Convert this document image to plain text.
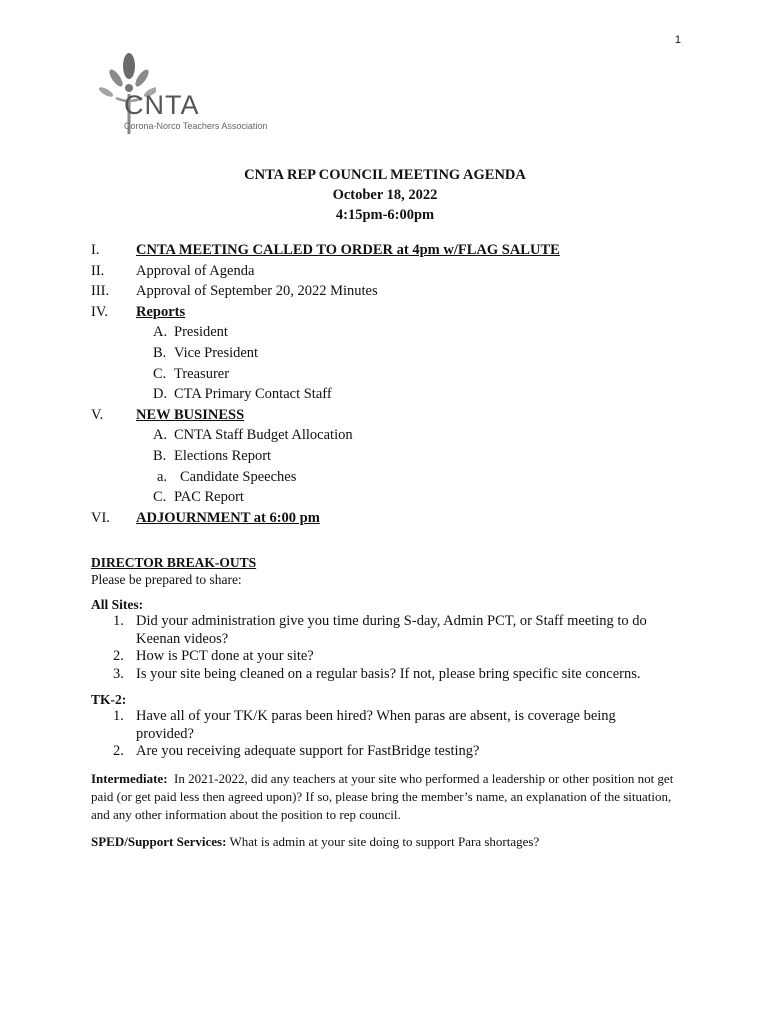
1
CNTA
Corona-Norco Teachers Association
CNTA REP COUNCIL MEETING AGENDA
October 18, 2022
4:15pm-6:00pm
I.	CNTA MEETING CALLED TO ORDER at 4pm w/FLAG SALUTE
II.	Approval of Agenda
III.	Approval of September 20, 2022 Minutes
IV.	Reports
A. President
B. Vice President
C. Treasurer
D. CTA Primary Contact Staff
V.	NEW BUSINESS
A. CNTA Staff Budget Allocation
B. Elections Report
a. Candidate Speeches
C. PAC Report
VI.	ADJOURNMENT at 6:00 pm
DIRECTOR BREAK-OUTS
Please be prepared to share:
All Sites:
1. Did your administration give you time during S-day, Admin PCT, or Staff meeting to do
Keenan videos?
2. How is PCT done at your site?
3. Is your site being cleaned on a regular basis? If not, please bring specific site concerns.
TK-2:
1. Have all of your TK/K paras been hired? When paras are absent, is coverage being
provided?
2. Are you receiving adequate support for FastBridge testing?
Intermediate: In 2021-2022, did any teachers at your site who performed a leadership or other position not get paid (or get paid less then agreed upon)? If so, please bring the member’s name, an explanation of the situation, and any other information about the position to rep council.
SPED/Support Services: What is admin at your site doing to support Para shortages?
